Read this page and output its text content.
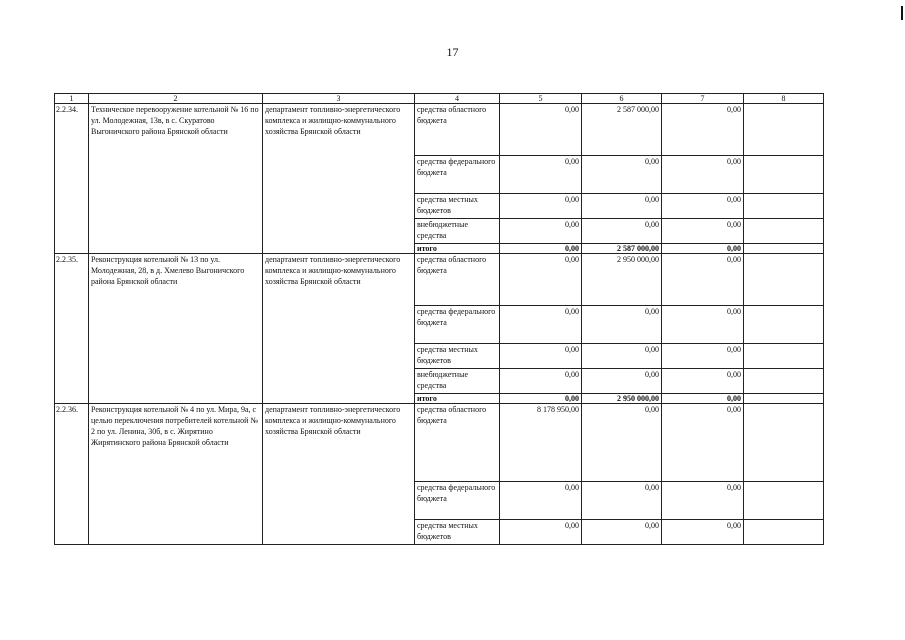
17
1	2	3	4	5	6	7	8
2.2.34.	Техническое перевооружение котельной № 16 по ул. Молодежная, 13в, в с. Скуратово Выгоничского района Брянской области	департамент топливно-энергетического комплекса и жилищно-коммунального хозяйства Брянской области	средства областного бюджета	0,00	2 587 000,00	0,00	
			средства федерального бюджета	0,00	0,00	0,00	
			средства местных бюджетов	0,00	0,00	0,00	
			внебюджетные средства	0,00	0,00	0,00	
			итого	0,00	2 587 000,00	0,00	
2.2.35.	Реконструкция котельной № 13 по ул. Молодежная, 28, в д. Хмелево Выгоничского района Брянской области	департамент топливно-энергетического комплекса и жилищно-коммунального хозяйства Брянской области	средства областного бюджета	0,00	2 950 000,00	0,00	
			средства федерального бюджета	0,00	0,00	0,00	
			средства местных бюджетов	0,00	0,00	0,00	
			внебюджетные средства	0,00	0,00	0,00	
			итого	0,00	2 950 000,00	0,00	
2.2.36.	Реконструкция котельной № 4 по ул. Мира, 9а, с целью переключения потребителей котельной № 2 по ул. Ленина, 30б, в с. Жирятино Жирятинского района Брянской области	департамент топливно-энергетического комплекса и жилищно-коммунального хозяйства Брянской области	средства областного бюджета	8 178 950,00	0,00	0,00	
			средства федерального бюджета	0,00	0,00	0,00	
			средства местных бюджетов	0,00	0,00	0,00	
